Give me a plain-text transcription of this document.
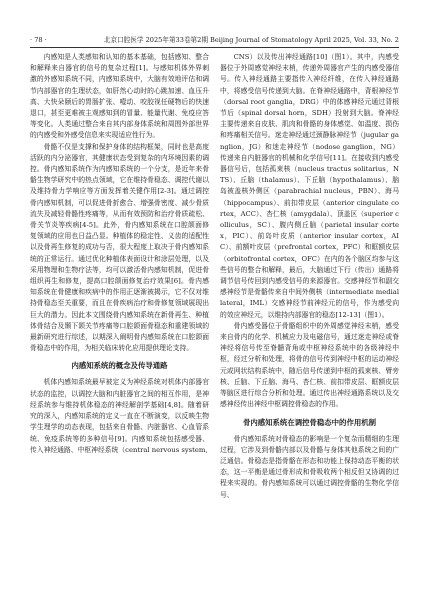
· 78 ·	北京口腔医学 2025年第33卷第2期 Beijing Journal of Stomatology April 2025, Vol. 33, No. 2

内感知是人类感知和认知的基本基础，包括感知、整合和解释来自器官的信号的复杂过程[1]。与感知机体外界刺激的外感知系统不同，内感知系统中，大脑有效地评估和调节内部器官的生理状态，如肝然心动时的心跳加速、血压升高、大快朵颐后的胃肠扩张、噎动、咬胶视任硬物后的快速退口，甚至更难被主观感知到的冒量、能量代谢、免疫应答等变化。人类通过整合来自其内部身体系统和周围外部世界的内感受和外感受信息来实现适应性行为。

骨骼不仅是支撑和保护身体的结构框架，同时也是高度活跃的内分泌器官，其健康状态受到复杂的内环境因素的调控。骨内感知系统作为内感知系统的一个分支，是近年来骨骼生物学研究中的热点领域，它在维持骨稳态、调控代谢以及维持骨力学响应等方面发挥着关键作用[2-3]。通过调控骨内感知机制，可以促进骨折愈合、增强骨密度、减少骨质流失及减轻骨骼性疼痛等，从而有效预防和治疗骨质疏松、骨关节炎等疾病[4-5]。此外，骨内感知系统在口腔颌面修复领域的应用也日益凸显。种植体的稳定性、义齿的适配性以及骨再生修复的成功与否，很大程度上取决于骨内感知系统的正常运行。通过优化种植体表面设计和涂层处理，以及采用物理和生物疗法等，均可以激活骨内感知机制，促进骨组织再生和修复，提高口腔颌面修复治疗效果[6]。骨内感知系统在骨健康和疾病中的作用正逐渐被揭示，它不仅对维持骨稳态至关重要，而且在骨疾病治疗和骨修复领域展现出巨大的潜力。因此本文围绕骨内感知系统在新骨再生、种植体骨结合及颞下颌关节疼痛等口腔颌面骨稳态和重建领域的最新研究进行综述，以期深入阐明骨内感知系统在口腔颌面骨稳态中的作用，为相关临床转化应用提供理论支持。

内感知系统的概念及传导通路

机体内感知系统最早被定义为神经系统对机体内部器官状态的监控，以调控大脑和内脏器官之间的相互作用，是神经系统参与维持机体稳态的神经解剖学基础[4,8]。随着研究的深入，内感知系统的定义一直在不断演变，以反映生物学生理学的动态表现，包括来自骨骼、内脏器官、心血管系统、免疫系统等的多种信号[9]。内感知系统包括感受器、传入神经通路、中枢神经系统（central nervous system,

CNS）以及传出神经通路[10]（图1）。其中，内感受器位于外周感觉神经末梢，传递外周器官产生的内感受器信号。传入神经通路主要指传入神经纤维，在传入神经通路中，将感受信号传递到大脑。在脊神经通路中，背根神经节（dorsal root ganglia，DRG）中的体感神经元通过背根节后（spinal dorsal horn，SDH）投射到大脑。脊神经主要传递来自皮肤、肌肉和骨骼的身体感觉、如温度、损伤和疼痛相关信号。迷走神经通过颈静脉神经节（jugular ganglion，JG）和迷走神经节（nodose ganglion，NG）传递来自内脏器官的机械和化学信号[11]。在接收到内感受器信号后，包括孤束核（nucleus tractus solitarius，NTS）、丘脑（thalamus）、下丘脑（hypothalamus）、脑岛被盖核外侧区（parabrachial nucleus，PBN）、海马（hippocampus）、前扣带皮层（anterior cingulate cortex，ACC）、杏仁核（amygdala）、顶盖区（superior colliculus，SC）、腹内侧丘脑（parietal insular cortex，PIC）、前岛叶皮质（anterior insular cortex，AIC）、前额叶皮层（prefrontal cortex，PFC）和眶额皮层（orbitofrontal cortex，OFC）在内的各个脑区均参与这些信号的整合和解释，最后，大脑通过下行（传出）通路将调节信号传回到内感受信号的来源器官。交感神经节和副交感神经节是骨骼传来自中间外侧核（intermediate medial lateral，IML）交感神经节前神经元的信号，作为感受向的效应神经元，以维持内部器官的稳态[12-13]（图1）。

骨内感受器位于骨骼组织中的外周感觉神经末梢，感受来自骨内的化学、机械应力及电磁信号，通过迷走神经或脊神经将信号传至脊髓背角或中枢神经系统中的各级神经中枢，经过分析和处理，将骨的信号传到神经中枢的运动神经元或网状结构系统中，随后信号传递到中枢的孤束核、臂旁核、丘脑、下丘脑、海马、杏仁核、前扣带皮层、眶额皮层等脑区进行综合分析和处理。通过传出神经通路系统以及交感神经传出神经中枢调控骨稳态的作用。

骨内感知系统在调控骨稳态中的作用机制

骨内感知系统对骨稳态的影响是一个复杂而精细的生理过程，它涉及到骨骼内部以及骨骼与身体其他系统之间的广泛通信。骨稳态是指骨骼在形态和功能上保持动态平衡的状态，这一平衡是通过骨形成和骨吸收两个相反但又协调的过程来实现的。骨内感知系统可以通过调控骨骼的生物化学信号、
